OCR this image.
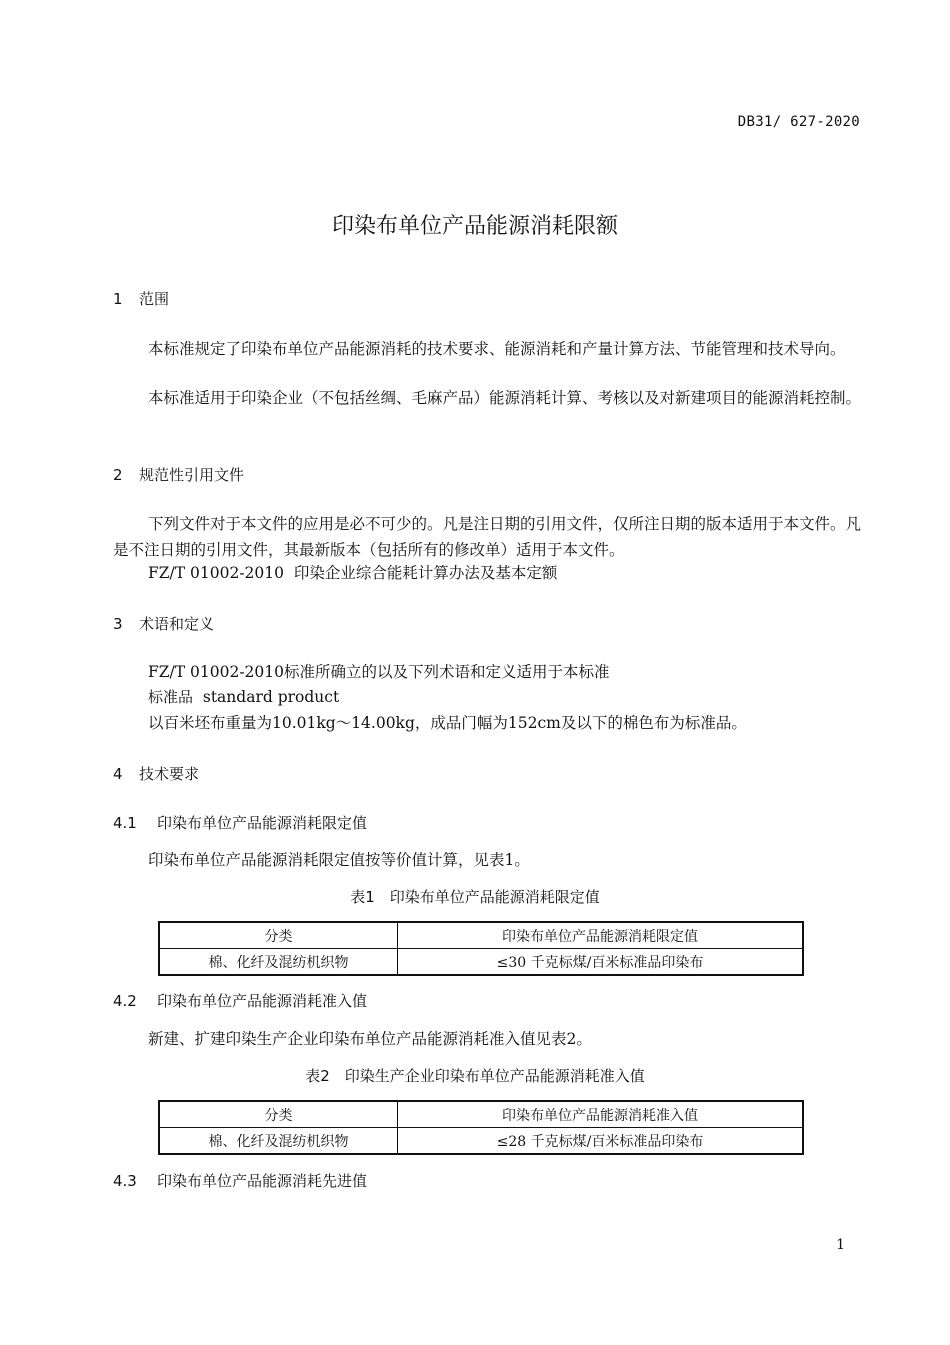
DB31/ 627-2020
印染布单位产品能源消耗限额
1 范围
本标准规定了印染布单位产品能源消耗的技术要求、能源消耗和产量计算方法、节能管理和技术导向。
本标准适用于印染企业（不包括丝绸、毛麻产品）能源消耗计算、考核以及对新建项目的能源消耗控制。
2 规范性引用文件
下列文件对于本文件的应用是必不可少的。凡是注日期的引用文件，仅所注日期的版本适用于本文件。凡是不注日期的引用文件，其最新版本（包括所有的修改单）适用于本文件。
FZ/T 01002-2010  印染企业综合能耗计算办法及基本定额
3 术语和定义
FZ/T 01002-2010标准所确立的以及下列术语和定义适用于本标准
标准品 standard product
以百米坯布重量为10.01kg～14.00kg，成品门幅为152cm及以下的棉色布为标准品。
4 技术要求
4.1 印染布单位产品能源消耗限定值
印染布单位产品能源消耗限定值按等价值计算，见表1。
表1　印染布单位产品能源消耗限定值
分类	印染布单位产品能源消耗限定值
棉、化纤及混纺机织物	≤30 千克标煤/百米标准品印染布
4.2 印染布单位产品能源消耗准入值
新建、扩建印染生产企业印染布单位产品能源消耗准入值见表2。
表2　印染生产企业印染布单位产品能源消耗准入值
分类	印染布单位产品能源消耗准入值
棉、化纤及混纺机织物	≤28 千克标煤/百米标准品印染布
4.3 印染布单位产品能源消耗先进值
1
